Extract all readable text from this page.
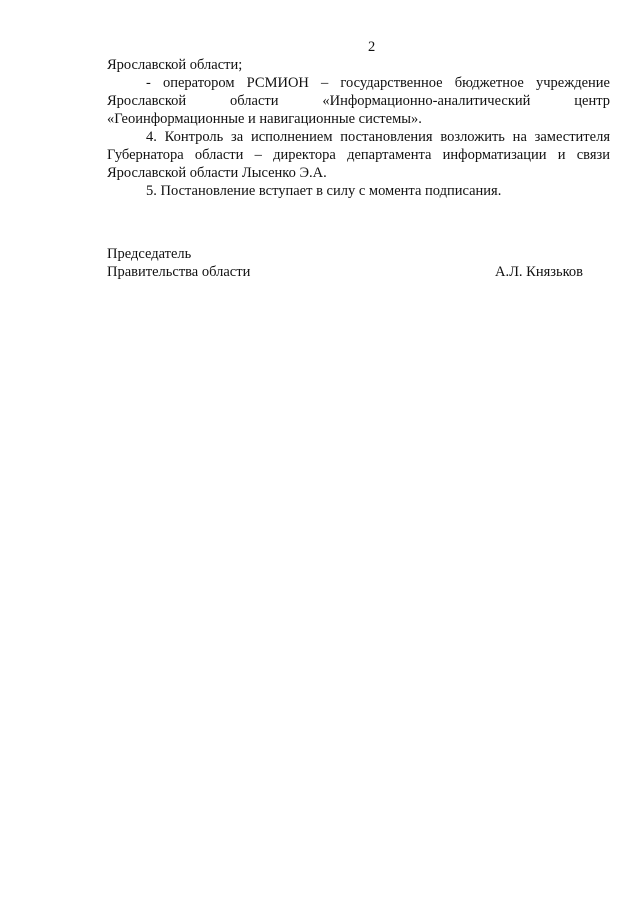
2
Ярославской области;
- оператором РСМИОН – государственное бюджетное учреждение
Ярославской области «Информационно-аналитический центр
«Геоинформационные и навигационные системы».
4. Контроль за исполнением постановления возложить на заместителя
Губернатора области – директора департамента информатизации и связи
Ярославской области Лысенко Э.А.
5. Постановление вступает в силу с момента подписания.
Председатель
Правительства области	А.Л. Князьков
